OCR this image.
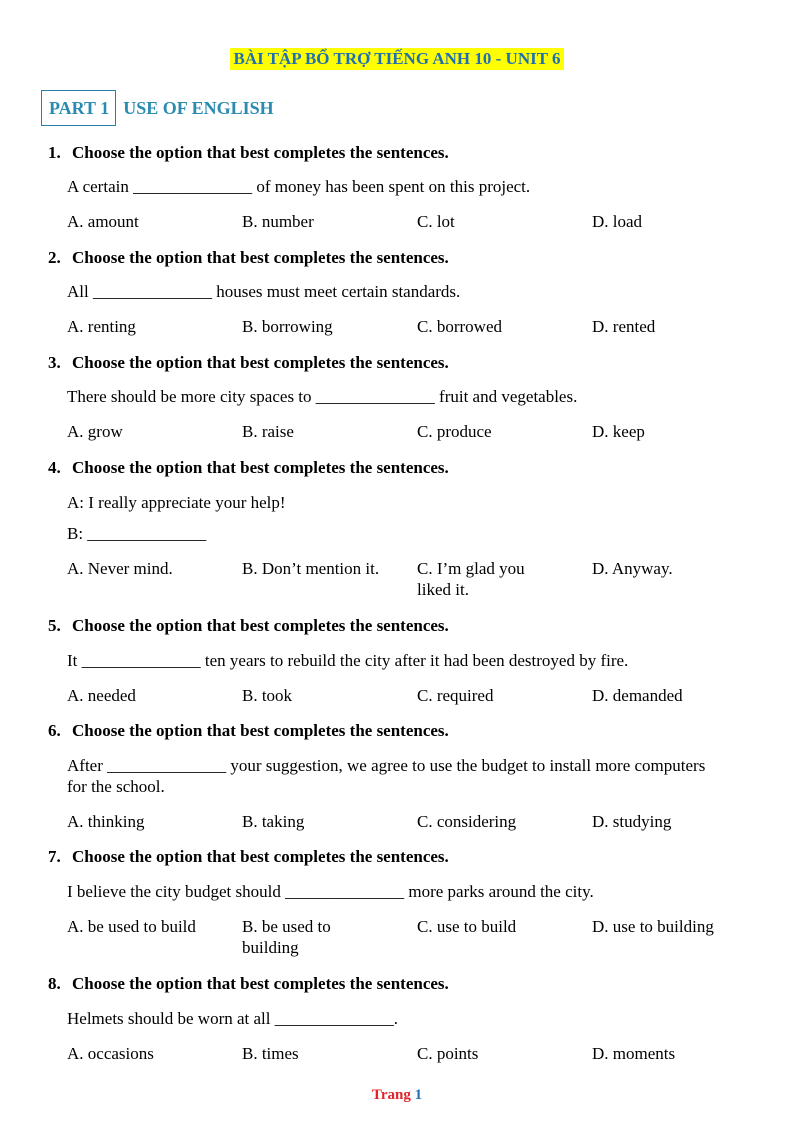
BÀI TẬP BỔ TRỢ TIẾNG ANH 10 - UNIT 6
PART 1 USE OF ENGLISH
1. Choose the option that best completes the sentences.
A certain ______________ of money has been spent on this project.
A. amount	B. number	C. lot	D. load
2. Choose the option that best completes the sentences.
All ______________ houses must meet certain standards.
A. renting	B. borrowing	C. borrowed	D. rented
3. Choose the option that best completes the sentences.
There should be more city spaces to ______________ fruit and vegetables.
A. grow	B. raise	C. produce	D. keep
4. Choose the option that best completes the sentences.
A: I really appreciate your help!
B: ______________
A. Never mind.	B. Don’t mention it.	C. I’m glad you liked it.
D. Anyway.
5. Choose the option that best completes the sentences.
It ______________ ten years to rebuild the city after it had been destroyed by fire.
A. needed	B. took	C. required	D. demanded
6. Choose the option that best completes the sentences.
After ______________ your suggestion, we agree to use the budget to install more computers for the school.
A. thinking	B. taking	C. considering	D. studying
7. Choose the option that best completes the sentences.
I believe the city budget should ______________ more parks around the city.
A. be used to build	B. be used to building
C. use to build	D. use to building
8. Choose the option that best completes the sentences.
Helmets should be worn at all ______________.
A. occasions	B. times	C. points	D. moments
Trang 1
